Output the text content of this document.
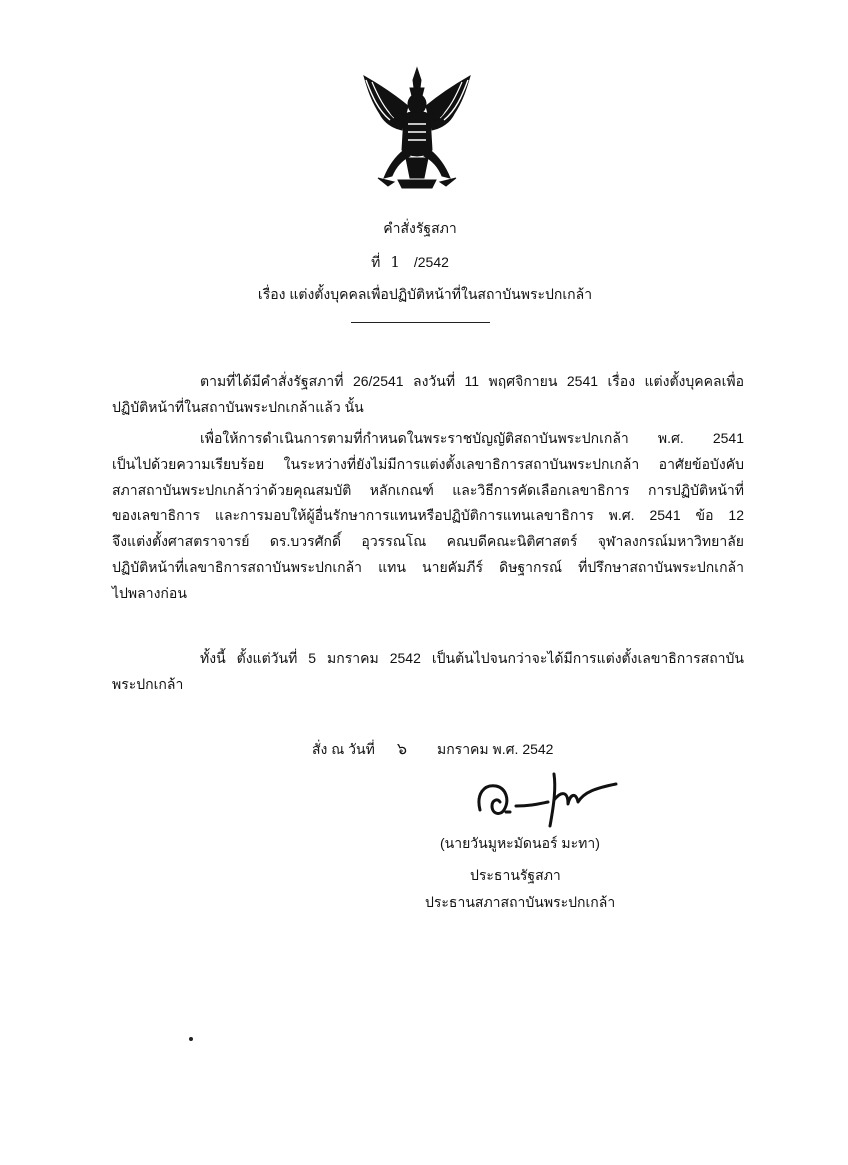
คำสั่งรัฐสภา
ที่ 1 /2542
เรื่อง แต่งตั้งบุคคลเพื่อปฏิบัติหน้าที่ในสถาบันพระปกเกล้า
ตามที่ได้มีคำสั่งรัฐสภาที่ 26/2541 ลงวันที่ 11 พฤศจิกายน 2541 เรื่อง แต่งตั้งบุคคลเพื่อ
ปฏิบัติหน้าที่ในสถาบันพระปกเกล้าแล้ว นั้น
เพื่อให้การดำเนินการตามที่กำหนดในพระราชบัญญัติสถาบันพระปกเกล้า พ.ศ. 2541
เป็นไปด้วยความเรียบร้อย ในระหว่างที่ยังไม่มีการแต่งตั้งเลขาธิการสถาบันพระปกเกล้า อาศัยข้อบังคับ
สภาสถาบันพระปกเกล้าว่าด้วยคุณสมบัติ หลักเกณฑ์ และวิธีการคัดเลือกเลขาธิการ การปฏิบัติหน้าที่
ของเลขาธิการ และการมอบให้ผู้อื่นรักษาการแทนหรือปฏิบัติการแทนเลขาธิการ พ.ศ. 2541 ข้อ 12
จึงแต่งตั้งศาสตราจารย์ ดร.บวรศักดิ์ อุวรรณโณ คณบดีคณะนิติศาสตร์ จุฬาลงกรณ์มหาวิทยาลัย
ปฏิบัติหน้าที่เลขาธิการสถาบันพระปกเกล้า แทน นายคัมภีร์ ดิษฐากรณ์ ที่ปรึกษาสถาบันพระปกเกล้า
ไปพลางก่อน
ทั้งนี้ ตั้งแต่วันที่ 5 มกราคม 2542 เป็นต้นไปจนกว่าจะได้มีการแต่งตั้งเลขาธิการสถาบัน
พระปกเกล้า
สั่ง ณ วันที่ ๖ มกราคม พ.ศ. 2542
(นายวันมูหะมัดนอร์ มะทา)
ประธานรัฐสภา
ประธานสภาสถาบันพระปกเกล้า
